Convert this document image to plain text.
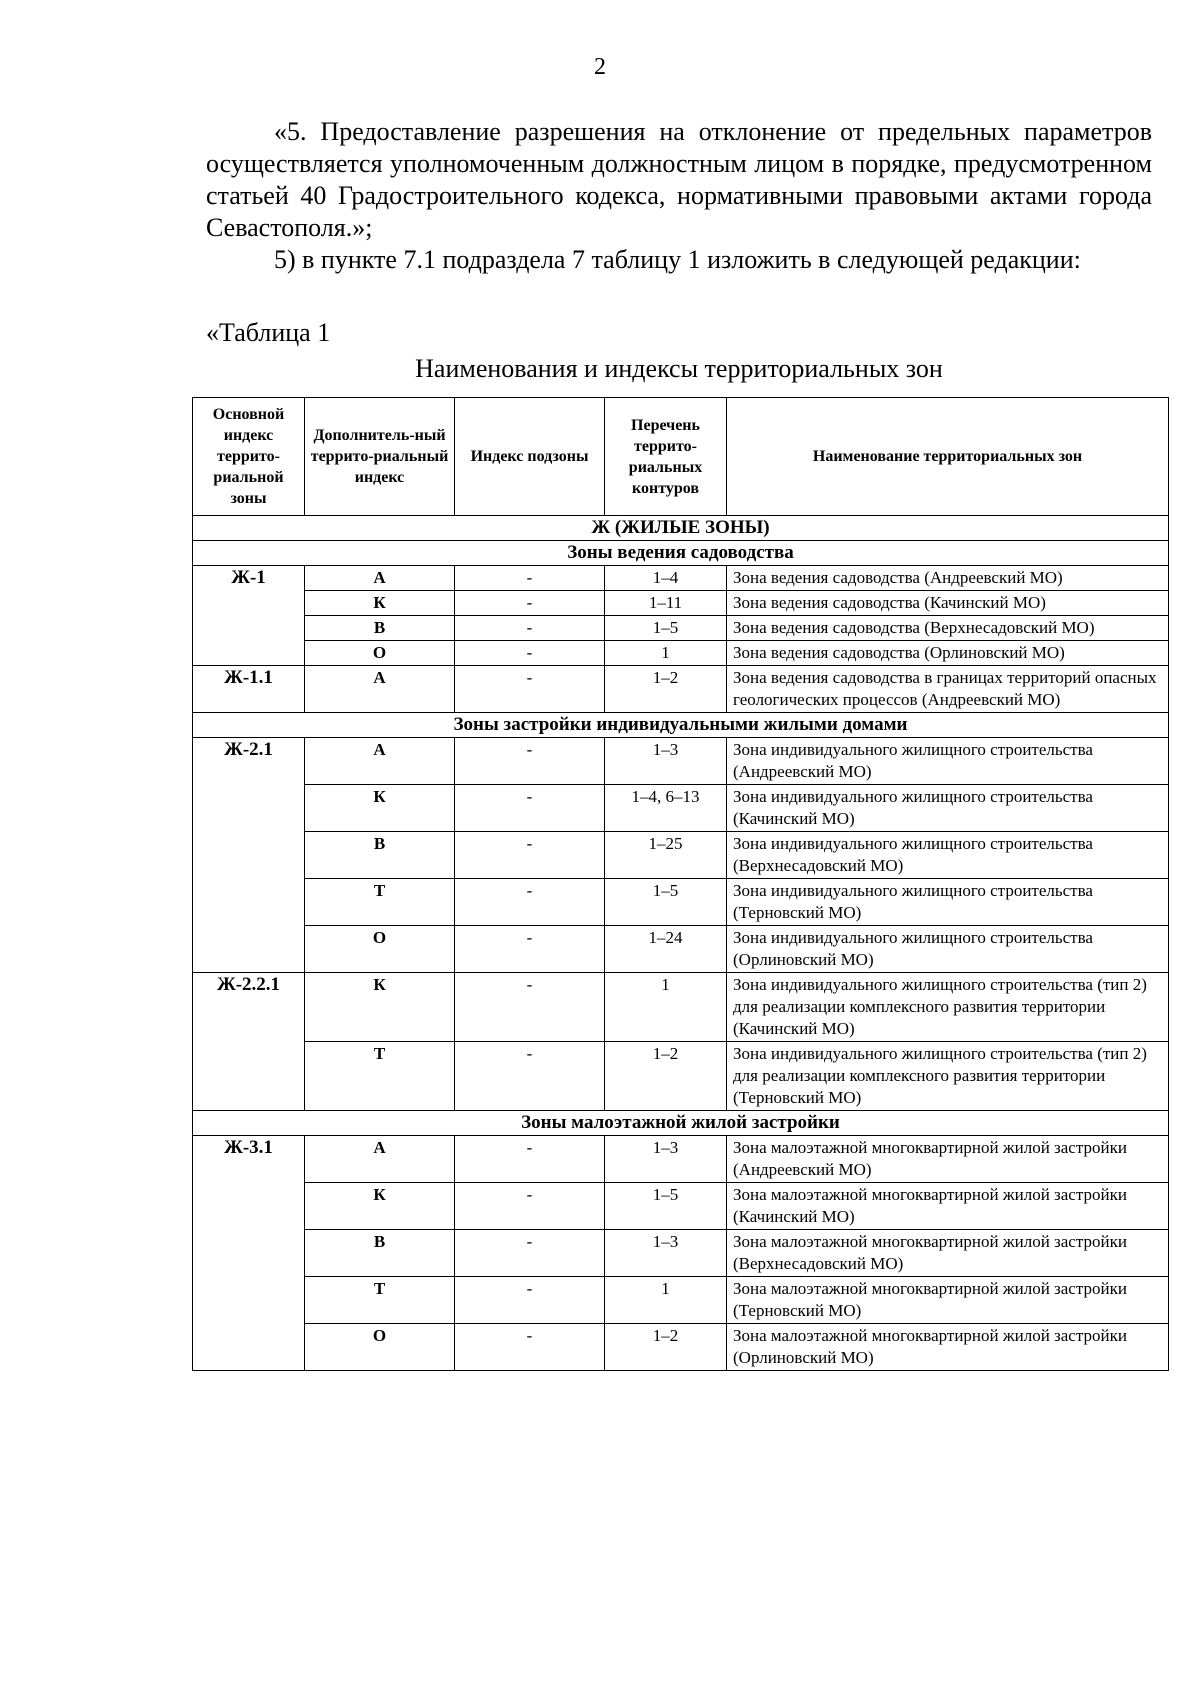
2

«5. Предоставление разрешения на отклонение от предельных параметров осуществляется уполномоченным должностным лицом в порядке, предусмотренном статьей 40 Градостроительного кодекса, нормативными правовыми актами города Севастополя.»;

5) в пункте 7.1 подраздела 7 таблицу 1 изложить в следующей редакции:

«Таблица 1
Наименования и индексы территориальных зон
Основной индекс террито-риальной зоны	Дополнитель-ный террито-риальный индекс	Индекс подзоны	Перечень террито-риальных контуров	Наименование территориальных зон
Ж (ЖИЛЫЕ ЗОНЫ)				
Зоны ведения садоводства				
Ж-1	А	-	1–4	Зона ведения садоводства (Андреевский МО)
	К	-	1–11	Зона ведения садоводства (Качинский МО)
	В	-	1–5	Зона ведения садоводства (Верхнесадовский МО)
	О	-	1	Зона ведения садоводства (Орлиновский МО)
Ж-1.1	А	-	1–2	Зона ведения садоводства в границах территорий опасных геологических процессов (Андреевский МО)
Зоны застройки индивидуальными жилыми домами				
Ж-2.1	А	-	1–3	Зона индивидуального жилищного строительства (Андреевский МО)
	К	-	1–4, 6–13	Зона индивидуального жилищного строительства (Качинский МО)
	В	-	1–25	Зона индивидуального жилищного строительства (Верхнесадовский МО)
	Т	-	1–5	Зона индивидуального жилищного строительства (Терновский МО)
	О	-	1–24	Зона индивидуального жилищного строительства (Орлиновский МО)
Ж-2.2.1	К	-	1	Зона индивидуального жилищного строительства (тип 2) для реализации комплексного развития территории (Качинский МО)
	Т	-	1–2	Зона индивидуального жилищного строительства (тип 2) для реализации комплексного развития территории (Терновский МО)
Зоны малоэтажной жилой застройки				
Ж-3.1	А	-	1–3	Зона малоэтажной многоквартирной жилой застройки (Андреевский МО)
	К	-	1–5	Зона малоэтажной многоквартирной жилой застройки (Качинский МО)
	В	-	1–3	Зона малоэтажной многоквартирной жилой застройки (Верхнесадовский МО)
	Т	-	1	Зона малоэтажной многоквартирной жилой застройки (Терновский МО)
	О	-	1–2	Зона малоэтажной многоквартирной жилой застройки (Орлиновский МО)
